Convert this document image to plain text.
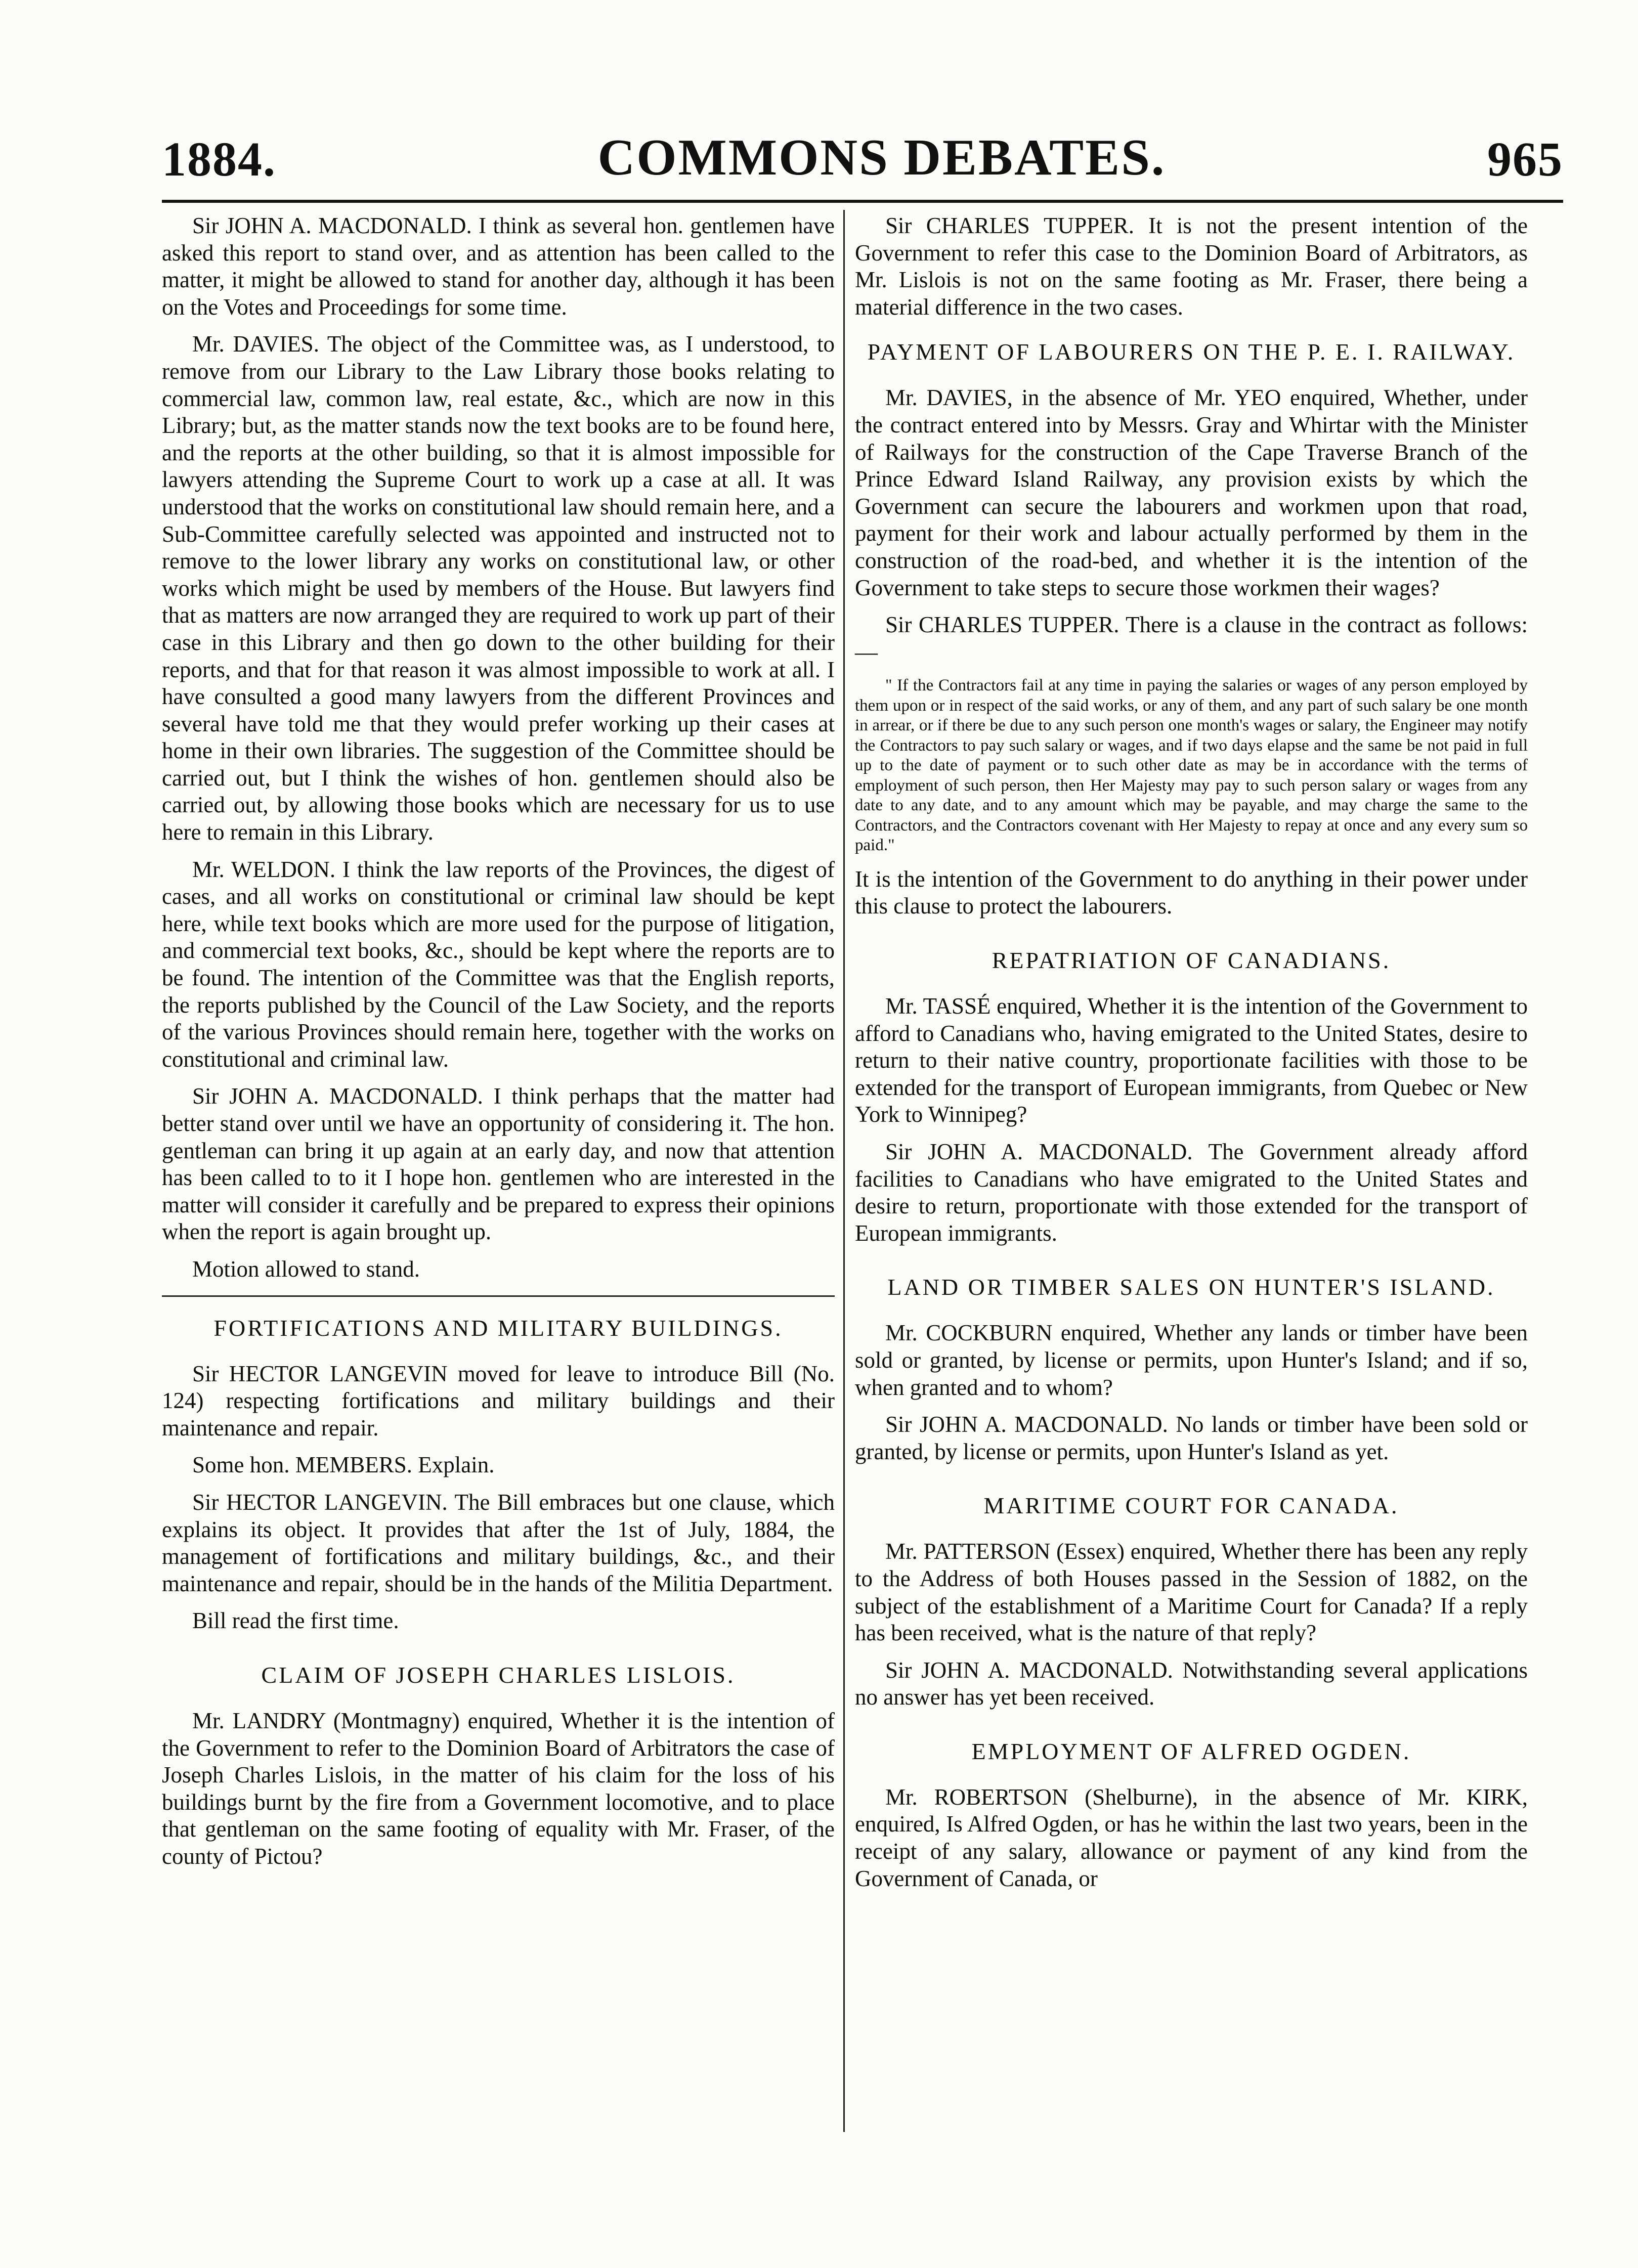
1884.	COMMONS DEBATES.	965

Sir JOHN A. MACDONALD. I think as several hon. gentlemen have asked this report to stand over, and as attention has been called to the matter, it might be allowed to stand for another day, although it has been on the Votes and Proceedings for some time.

Mr. DAVIES. The object of the Committee was, as I understood, to remove from our Library to the Law Library those books relating to commercial law, common law, real estate, &c., which are now in this Library; but, as the matter stands now the text books are to be found here, and the reports at the other building, so that it is almost impossible for lawyers attending the Supreme Court to work up a case at all. It was understood that the works on constitutional law should remain here, and a Sub-Committee carefully selected was appointed and instructed not to remove to the lower library any works on constitutional law, or other works which might be used by members of the House. But lawyers find that as matters are now arranged they are required to work up part of their case in this Library and then go down to the other building for their reports, and that for that reason it was almost impossible to work at all. I have consulted a good many lawyers from the different Provinces and several have told me that they would prefer working up their cases at home in their own libraries. The suggestion of the Committee should be carried out, but I think the wishes of hon. gentlemen should also be carried out, by allowing those books which are necessary for us to use here to remain in this Library.

Mr. WELDON. I think the law reports of the Provinces, the digest of cases, and all works on constitutional or criminal law should be kept here, while text books which are more used for the purpose of litigation, and commercial text books, &c., should be kept where the reports are to be found. The intention of the Committee was that the English reports, the reports published by the Council of the Law Society, and the reports of the various Provinces should remain here, together with the works on constitutional and criminal law.

Sir JOHN A. MACDONALD. I think perhaps that the matter had better stand over until we have an opportunity of considering it. The hon. gentleman can bring it up again at an early day, and now that attention has been called to to it I hope hon. gentlemen who are interested in the matter will consider it carefully and be prepared to express their opinions when the report is again brought up.

Motion allowed to stand.

FORTIFICATIONS AND MILITARY BUILDINGS.

Sir HECTOR LANGEVIN moved for leave to introduce Bill (No. 124) respecting fortifications and military buildings and their maintenance and repair.

Some hon. MEMBERS. Explain.

Sir HECTOR LANGEVIN. The Bill embraces but one clause, which explains its object. It provides that after the 1st of July, 1884, the management of fortifications and military buildings, &c., and their maintenance and repair, should be in the hands of the Militia Department.

Bill read the first time.

CLAIM OF JOSEPH CHARLES LISLOIS.

Mr. LANDRY (Montmagny) enquired, Whether it is the intention of the Government to refer to the Dominion Board of Arbitrators the case of Joseph Charles Lislois, in the matter of his claim for the loss of his buildings burnt by the fire from a Government locomotive, and to place that gentleman on the same footing of equality with Mr. Fraser, of the county of Pictou?

Sir CHARLES TUPPER. It is not the present intention of the Government to refer this case to the Dominion Board of Arbitrators, as Mr. Lislois is not on the same footing as Mr. Fraser, there being a material difference in the two cases.

PAYMENT OF LABOURERS ON THE P. E. I. RAILWAY.

Mr. DAVIES, in the absence of Mr. YEO enquired, Whether, under the contract entered into by Messrs. Gray and Whirtar with the Minister of Railways for the construction of the Cape Traverse Branch of the Prince Edward Island Railway, any provision exists by which the Government can secure the labourers and workmen upon that road, payment for their work and labour actually performed by them in the construction of the road-bed, and whether it is the intention of the Government to take steps to secure those workmen their wages?

Sir CHARLES TUPPER. There is a clause in the contract as follows:—

" If the Contractors fail at any time in paying the salaries or wages of any person employed by them upon or in respect of the said works, or any of them, and any part of such salary be one month in arrear, or if there be due to any such person one month's wages or salary, the Engineer may notify the Contractors to pay such salary or wages, and if two days elapse and the same be not paid in full up to the date of payment or to such other date as may be in accordance with the terms of employment of such person, then Her Majesty may pay to such person salary or wages from any date to any date, and to any amount which may be payable, and may charge the same to the Contractors, and the Contractors covenant with Her Majesty to repay at once and any every sum so paid."

It is the intention of the Government to do anything in their power under this clause to protect the labourers.

REPATRIATION OF CANADIANS.

Mr. TASSÉ enquired, Whether it is the intention of the Government to afford to Canadians who, having emigrated to the United States, desire to return to their native country, proportionate facilities with those to be extended for the transport of European immigrants, from Quebec or New York to Winnipeg?

Sir JOHN A. MACDONALD. The Government already afford facilities to Canadians who have emigrated to the United States and desire to return, proportionate with those extended for the transport of European immigrants.

LAND OR TIMBER SALES ON HUNTER'S ISLAND.

Mr. COCKBURN enquired, Whether any lands or timber have been sold or granted, by license or permits, upon Hunter's Island; and if so, when granted and to whom?

Sir JOHN A. MACDONALD. No lands or timber have been sold or granted, by license or permits, upon Hunter's Island as yet.

MARITIME COURT FOR CANADA.

Mr. PATTERSON (Essex) enquired, Whether there has been any reply to the Address of both Houses passed in the Session of 1882, on the subject of the establishment of a Maritime Court for Canada? If a reply has been received, what is the nature of that reply?

Sir JOHN A. MACDONALD. Notwithstanding several applications no answer has yet been received.

EMPLOYMENT OF ALFRED OGDEN.

Mr. ROBERTSON (Shelburne), in the absence of Mr. KIRK, enquired, Is Alfred Ogden, or has he within the last two years, been in the receipt of any salary, allowance or payment of any kind from the Government of Canada, or
